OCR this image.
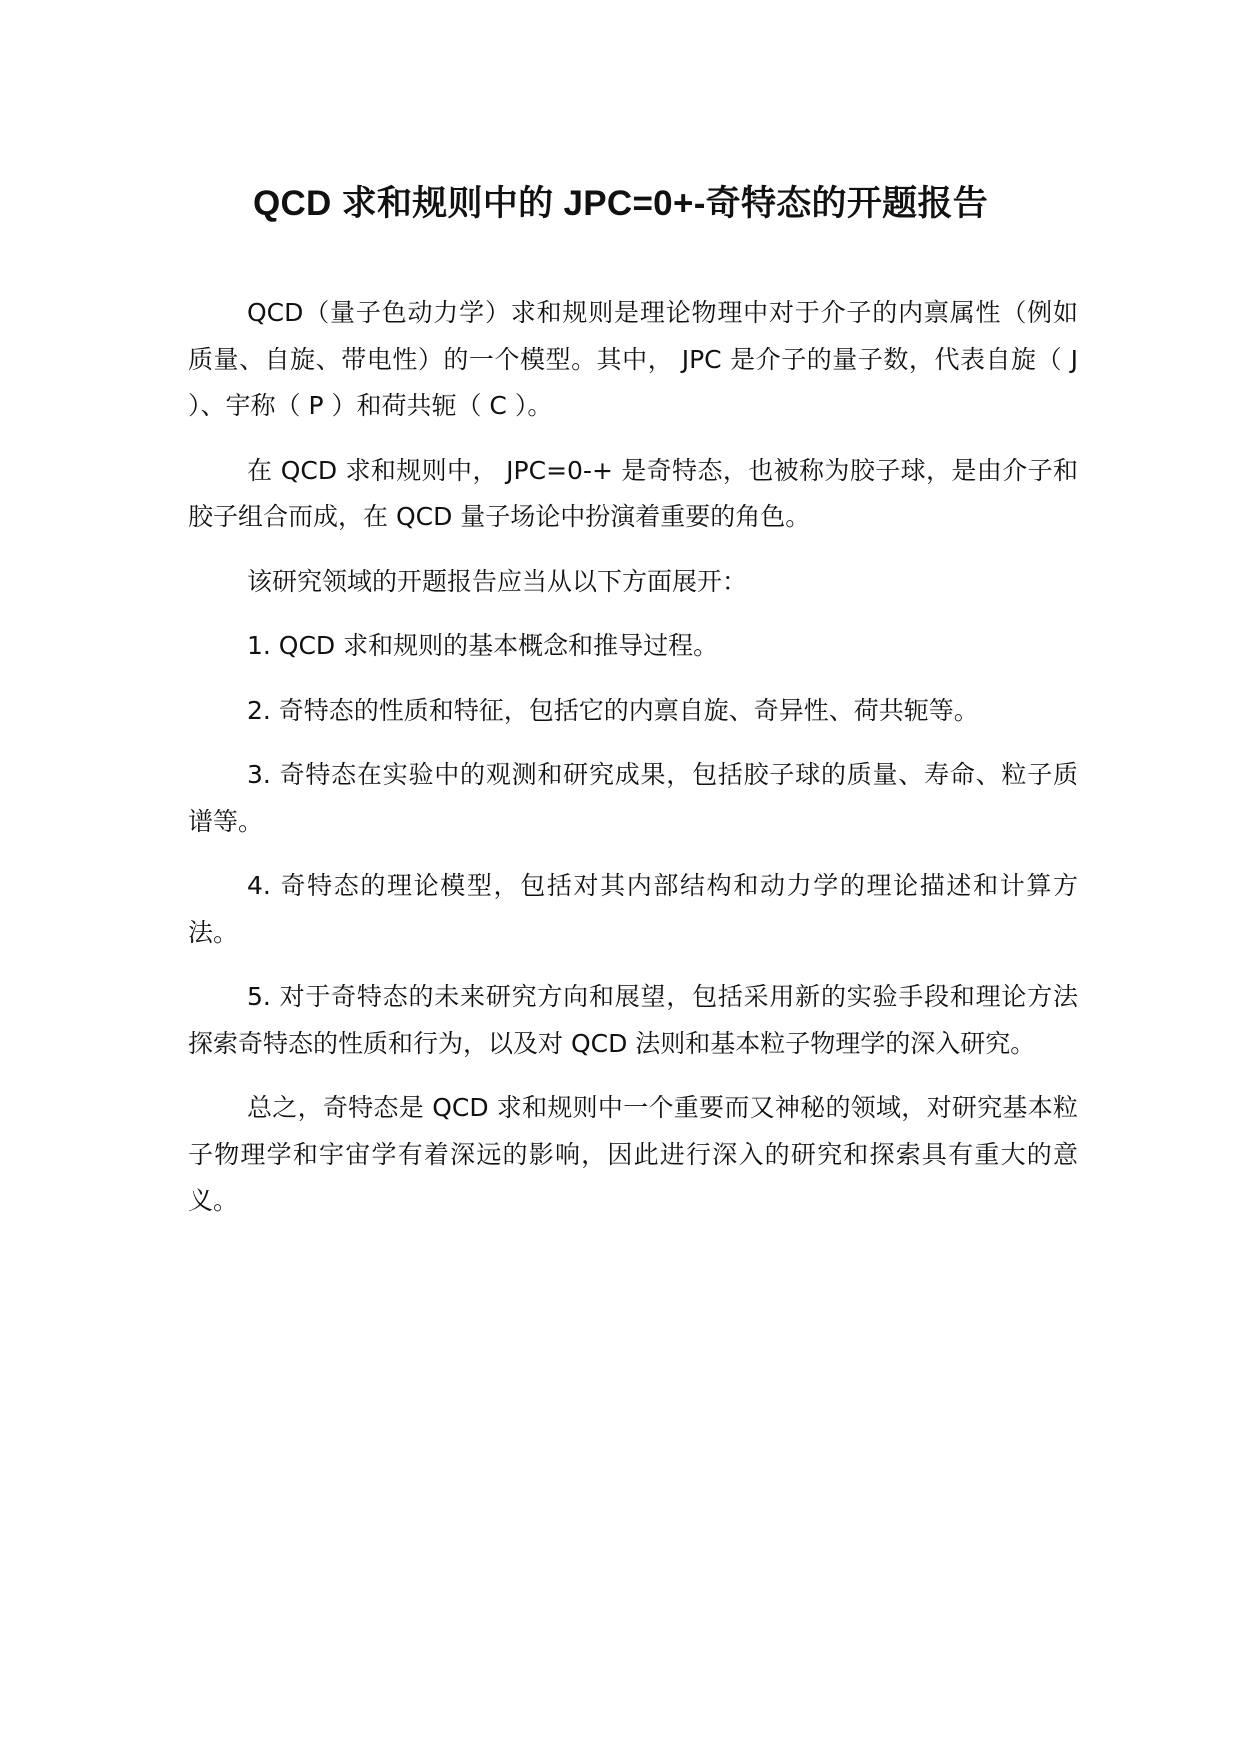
QCD 求和规则中的 JPC=0+-奇特态的开题报告

QCD（量子色动力学）求和规则是理论物理中对于介子的内禀属性（例如质量、自旋、带电性）的一个模型。其中， JPC 是介子的量子数，代表自旋（ J ）、宇称（ P ）和荷共轭（ C ）。

在 QCD 求和规则中， JPC=0-+ 是奇特态，也被称为胶子球，是由介子和胶子组合而成，在 QCD 量子场论中扮演着重要的角色。

该研究领域的开题报告应当从以下方面展开：

1. QCD 求和规则的基本概念和推导过程。

2. 奇特态的性质和特征，包括它的内禀自旋、奇异性、荷共轭等。

3. 奇特态在实验中的观测和研究成果，包括胶子球的质量、寿命、粒子质谱等。

4. 奇特态的理论模型，包括对其内部结构和动力学的理论描述和计算方法。

5. 对于奇特态的未来研究方向和展望，包括采用新的实验手段和理论方法探索奇特态的性质和行为，以及对 QCD 法则和基本粒子物理学的深入研究。

总之，奇特态是 QCD 求和规则中一个重要而又神秘的领域，对研究基本粒子物理学和宇宙学有着深远的影响，因此进行深入的研究和探索具有重大的意义。
